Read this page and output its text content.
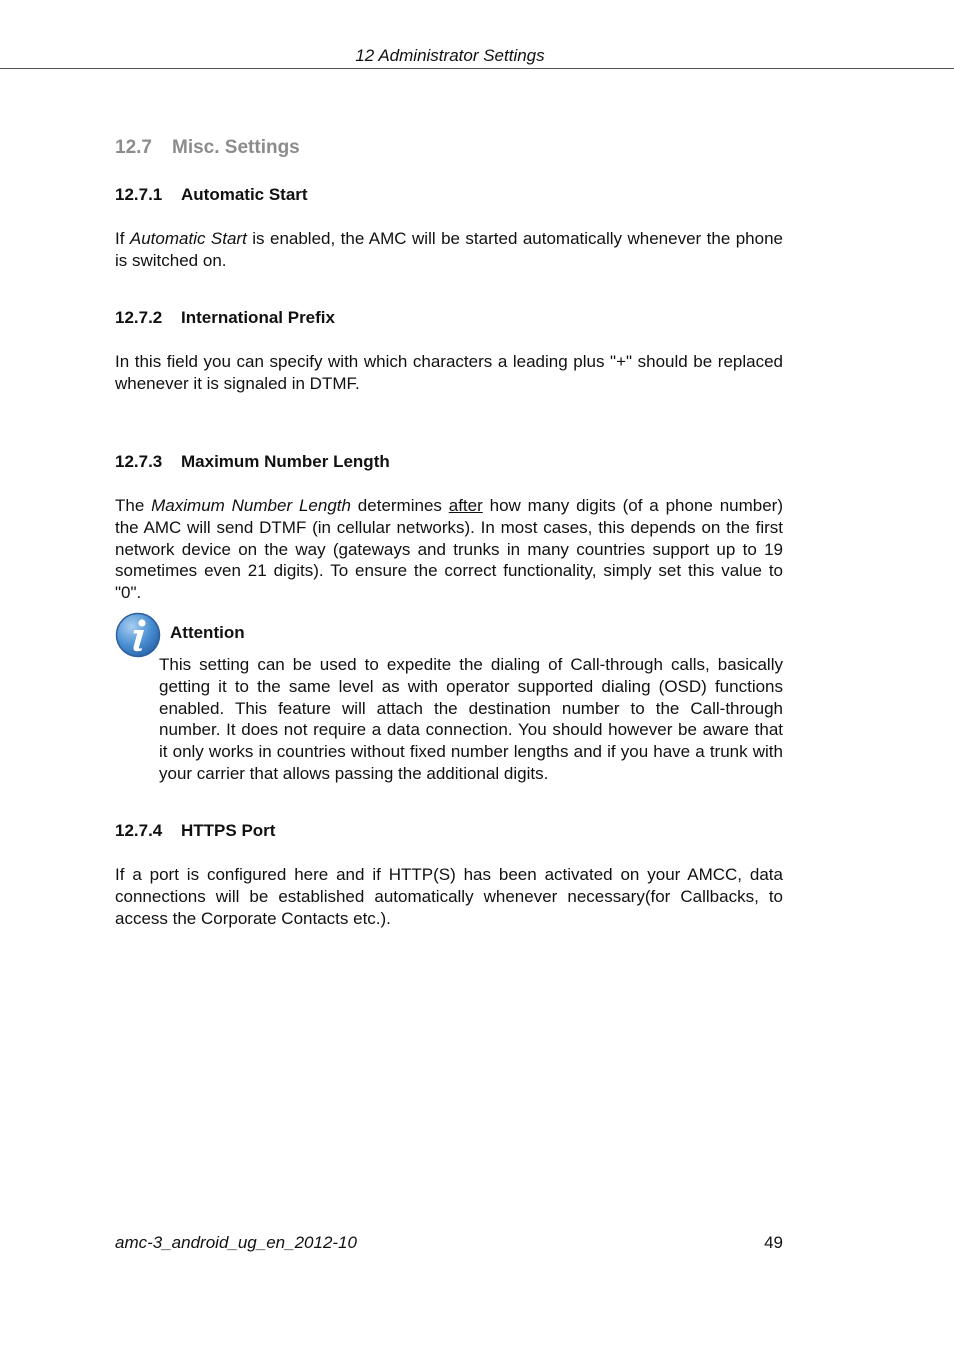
12 Administrator Settings
12.7 Misc. Settings
12.7.1 Automatic Start
If Automatic Start is enabled, the AMC will be started automatically whenever the phone is switched on.
12.7.2 International Prefix
In this field you can specify with which characters a leading plus "+" should be replaced whenever it is signaled in DTMF.
12.7.3 Maximum Number Length
The Maximum Number Length determines after how many digits (of a phone number) the AMC will send DTMF (in cellular networks). In most cases, this depends on the first network device on the way (gateways and trunks in many countries support up to 19 sometimes even 21 digits). To ensure the correct functionality, simply set this value to "0".
Attention
This setting can be used to expedite the dialing of Call-through calls, basically getting it to the same level as with operator supported dialing (OSD) functions enabled. This feature will attach the destination number to the Call-through number. It does not require a data connection. You should however be aware that it only works in countries without fixed number lengths and if you have a trunk with your carrier that allows passing the additional digits.
12.7.4 HTTPS Port
If a port is configured here and if HTTP(S) has been activated on your AMCC, data connections will be established automatically whenever necessary(for Callbacks, to access the Corporate Contacts etc.).
amc-3_android_ug_en_2012-10	49
